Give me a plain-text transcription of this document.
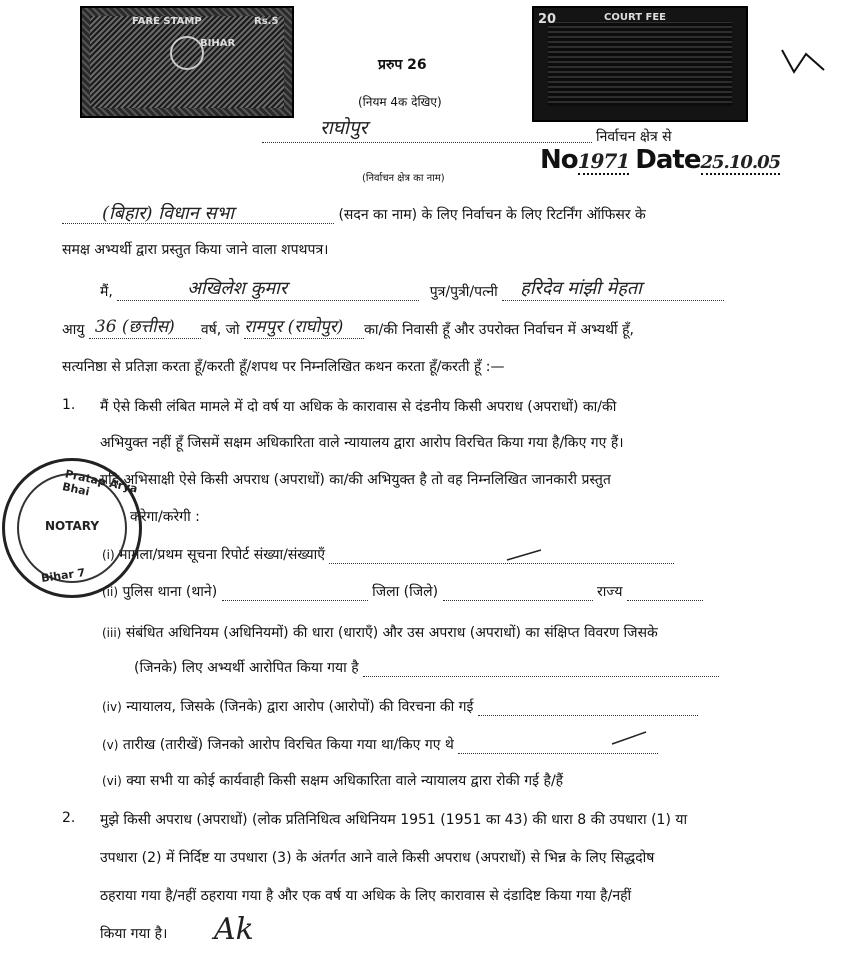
FARE STAMP	Rs.5
BIHAR
20	COURT FEE
प्ररुप 26
(नियम 4क देखिए)
राघोपुर	निर्वाचन क्षेत्र से
(निर्वाचन क्षेत्र का नाम)
No1971 Date25.10.05
(बिहार) विधान सभा	(सदन का नाम) के लिए निर्वाचन के लिए रिटर्निंग ऑफिसर के
समक्ष अभ्यर्थी द्वारा प्रस्तुत किया जाने वाला शपथपत्र।
मैं,	अखिलेश कुमार	पुत्र/पुत्री/पत्नी हरिदेव मांझी मेहता
आयु 36 (छत्तीस) वर्ष, जो रामपुर (राघोपुर) का/की निवासी हूँ और उपरोक्त निर्वाचन में अभ्यर्थी हूँ,
सत्यनिष्ठा से प्रतिज्ञा करता हूँ/करती हूँ/शपथ पर निम्नलिखित कथन करता हूँ/करती हूँ :—
1. मैं ऐसे किसी लंबित मामले में दो वर्ष या अधिक के कारावास से दंडनीय किसी अपराध (अपराधों) का/की
अभियुक्त नहीं हूँ जिसमें सक्षम अधिकारिता वाले न्यायालय द्वारा आरोप विरचित किया गया है/किए गए हैं।
यदि अभिसाक्षी ऐसे किसी अपराध (अपराधों) का/की अभियुक्त है तो वह निम्नलिखित जानकारी प्रस्तुत
करेगा/करेगी :
(i) मामला/प्रथम सूचना रिपोर्ट संख्या/संख्याएँ
(ii) पुलिस थाना (थाने)	जिला (जिले)	राज्य
(iii) संबंधित अधिनियम (अधिनियमों) की धारा (धाराएँ) और उस अपराध (अपराधों) का संक्षिप्त विवरण जिसके
(जिनके) लिए अभ्यर्थी आरोपित किया गया है
(iv) न्यायालय, जिसके (जिनके) द्वारा आरोप (आरोपों) की विरचना की गई
(v) तारीख (तारीखें) जिनको आरोप विरचित किया गया था/किए गए थे
(vi) क्या सभी या कोई कार्यवाही किसी सक्षम अधिकारिता वाले न्यायालय द्वारा रोकी गई है/हैं
2. मुझे किसी अपराध (अपराधों) (लोक प्रतिनिधित्व अधिनियम 1951 (1951 का 43) की धारा 8 की उपधारा (1) या
उपधारा (2) में निर्दिष्ट या उपधारा (3) के अंतर्गत आने वाले किसी अपराध (अपराधों) से भिन्न के लिए सिद्धदोष
ठहराया गया है/नहीं ठहराया गया है और एक वर्ष या अधिक के लिए कारावास से दंडादिष्ट किया गया है/नहीं
किया गया है। Ak
Pratap Arya Bhai
NOTARY
Bihar 7
